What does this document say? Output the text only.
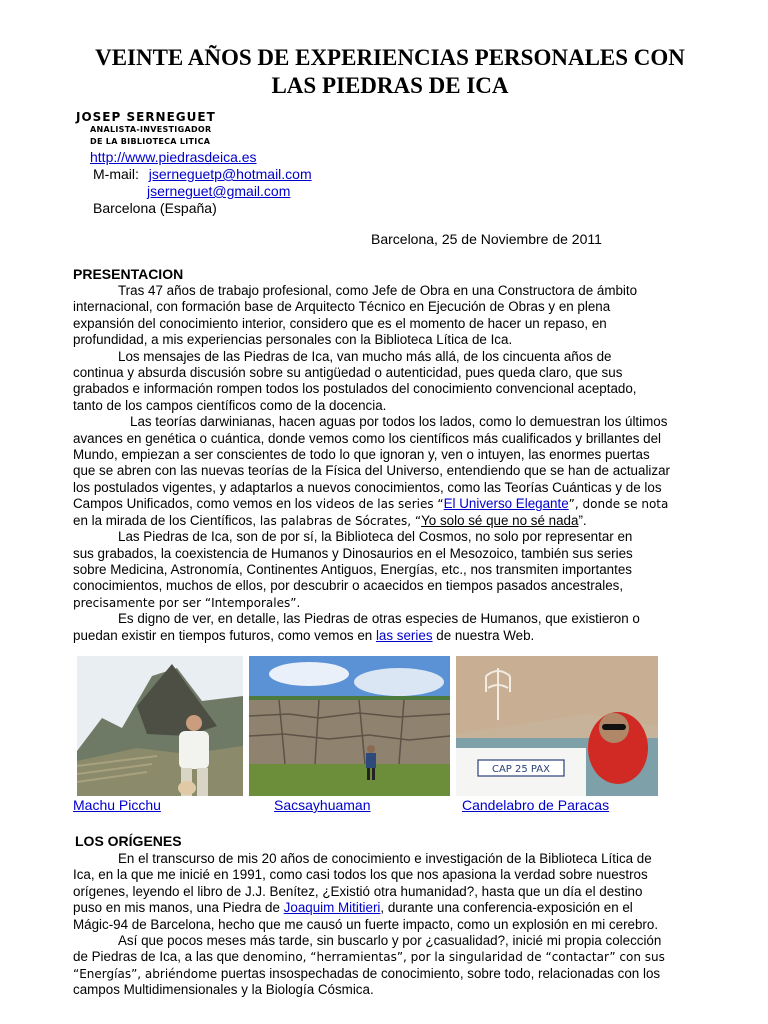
VEINTE AÑOS DE EXPERIENCIAS PERSONALES CON
LAS PIEDRAS DE ICA
JOSEP SERNEGUET
ANALISTA-INVESTIGADOR
DE LA BIBLIOTECA LITICA
http://www.piedrasdeica.es
M-mail: jserneguetp@hotmail.com
jserneguet@gmail.com
Barcelona (España)
Barcelona, 25 de Noviembre de 2011
PRESENTACION
Tras 47 años de trabajo profesional, como Jefe de Obra en una Constructora de ámbito
internacional, con formación base de Arquitecto Técnico en Ejecución de Obras y en plena
expansión del conocimiento interior, considero que es el momento de hacer un repaso, en
profundidad, a mis experiencias personales con la Biblioteca Lítica de Ica.
Los mensajes de las Piedras de Ica, van mucho más allá, de los cincuenta años de
continua y absurda discusión sobre su antigüedad o autenticidad, pues queda claro, que sus
grabados e información rompen todos los postulados del conocimiento convencional aceptado,
tanto de los campos científicos como de la docencia.
Las teorías darwinianas, hacen aguas por todos los lados, como lo demuestran los últimos
avances en genética o cuántica, donde vemos como los científicos más cualificados y brillantes del
Mundo, empiezan a ser conscientes de todo lo que ignoran y, ven o intuyen, las enormes puertas
que se abren con las nuevas teorías de la Física del Universo, entendiendo que se han de actualizar
los postulados vigentes, y adaptarlos a nuevos conocimientos, como las Teorías Cuánticas y de los
Campos Unificados, como vemos en los videos de las series “El Universo Elegante”, donde se nota
en la mirada de los Científicos, las palabras de Sócrates, “Yo solo sé que no sé nada”.
Las Piedras de Ica, son de por sí, la Biblioteca del Cosmos, no solo por representar en
sus grabados, la coexistencia de Humanos y Dinosaurios en el Mesozoico, también sus series
sobre Medicina, Astronomía, Continentes Antiguos, Energías, etc., nos transmiten importantes
conocimientos, muchos de ellos, por descubrir o acaecidos en tiempos pasados ancestrales,
precisamente por ser “Intemporales”.
Es digno de ver, en detalle, las Piedras de otras especies de Humanos, que existieron o
puedan existir en tiempos futuros, como vemos en las series de nuestra Web.
CAP 25 PAX
Machu Picchu	Sacsayhuaman	Candelabro de Paracas
LOS ORÍGENES
En el transcurso de mis 20 años de conocimiento e investigación de la Biblioteca Lítica de
Ica, en la que me inicié en 1991, como casi todos los que nos apasiona la verdad sobre nuestros
orígenes, leyendo el libro de J.J. Benítez, ¿Existió otra humanidad?, hasta que un día el destino
puso en mis manos, una Piedra de Joaquim Mititieri, durante una conferencia-exposición en el
Mágic-94 de Barcelona, hecho que me causó un fuerte impacto, como un explosión en mi cerebro.
Así que pocos meses más tarde, sin buscarlo y por ¿casualidad?, inicié mi propia colección
de Piedras de Ica, a las que denomino, “herramientas”, por la singularidad de “contactar” con sus
“Energías”, abriéndome puertas insospechadas de conocimiento, sobre todo, relacionadas con los
campos Multidimensionales y la Biología Cósmica.
